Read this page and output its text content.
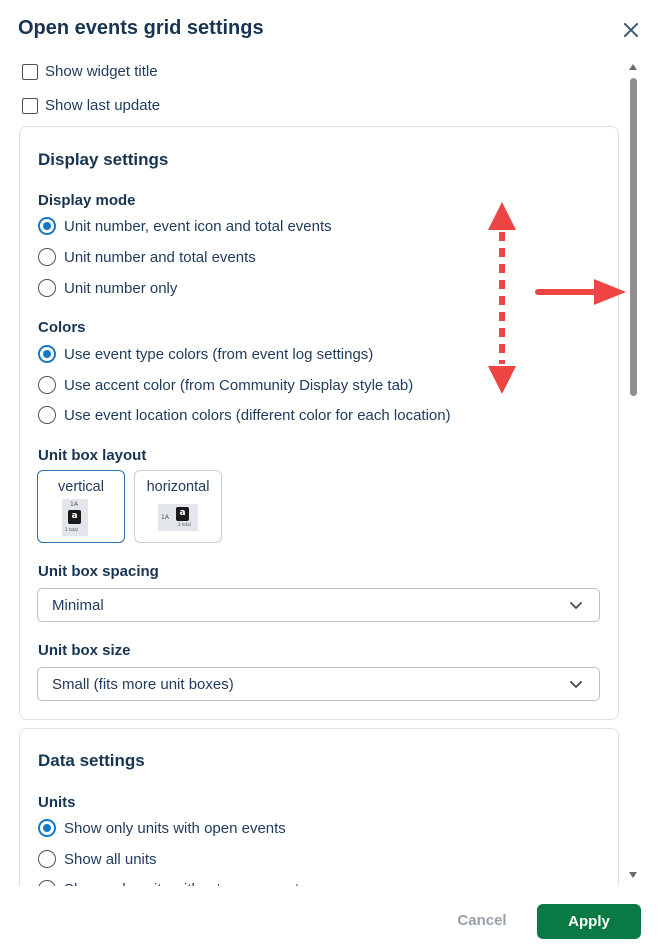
Open events grid settings
Show widget title
Show last update
Display settings
Display mode
Unit number, event icon and total events
Unit number and total events
Unit number only
Colors
Use event type colors (from event log settings)
Use accent color (from Community Display style tab)
Use event location colors (different color for each location)
Unit box layout
vertical
1A
a
2 total
horizontal
1A	a
2 total
Unit box spacing
Minimal
Unit box size
Small (fits more unit boxes)
Data settings
Units
Show only units with open events
Show all units
Cancel	Apply
